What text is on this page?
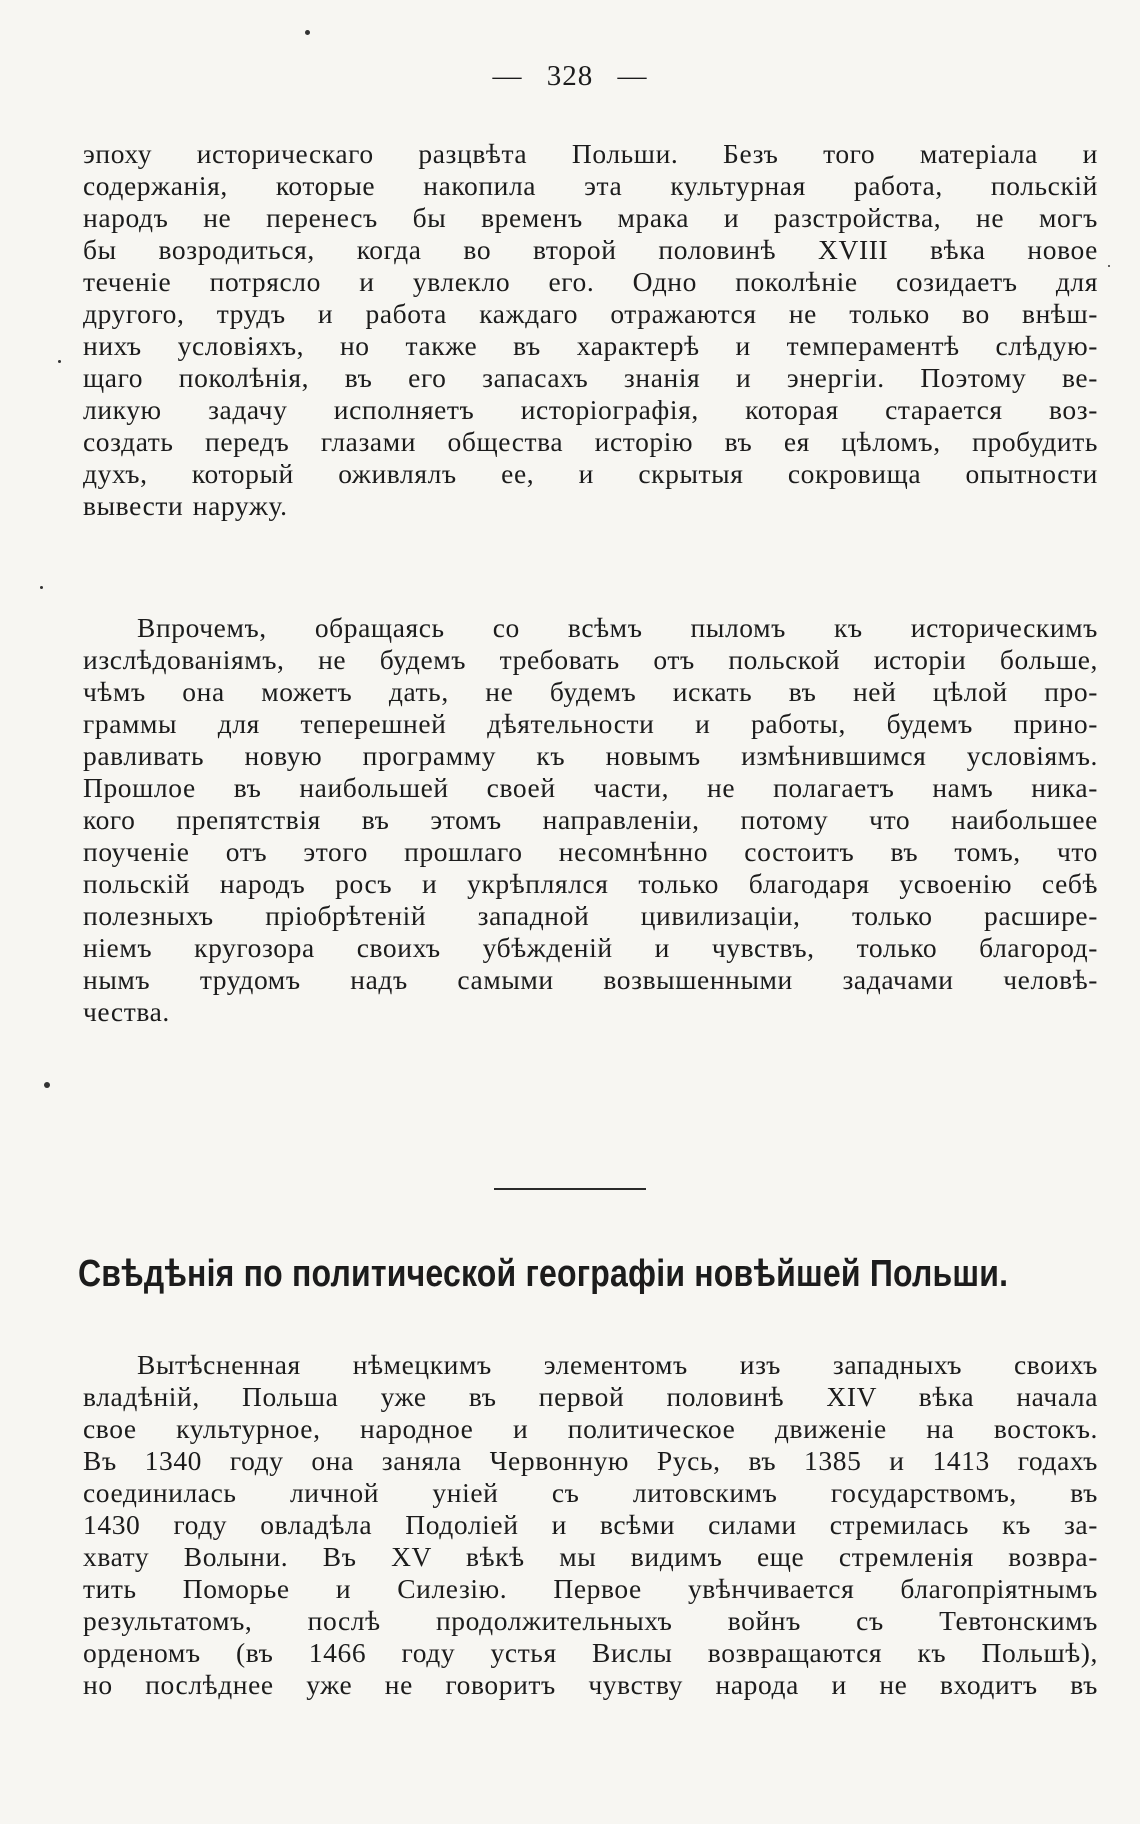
— 328 —
эпоху историческаго разцвѣта Польши. Безъ того матеріала и
содержанія, которые накопила эта культурная работа, польскій
народъ не перенесъ бы временъ мрака и разстройства, не могъ
бы возродиться, когда во второй половинѣ XVIII вѣка новое
теченіе потрясло и увлекло его. Одно поколѣніе созидаетъ для
другого, трудъ и работа каждаго отражаются не только во внѣш-
нихъ условіяхъ, но также въ характерѣ и темпераментѣ слѣдую-
щаго поколѣнія, въ его запасахъ знанія и энергіи. Поэтому ве-
ликую задачу исполняетъ исторіографія, которая старается воз-
создать передъ глазами общества исторію въ ея цѣломъ, пробудить
духъ, который оживлялъ ее, и скрытыя сокровища опытности
вывести наружу.
Впрочемъ, обращаясь со всѣмъ пыломъ къ историческимъ
изслѣдованіямъ, не будемъ требовать отъ польской исторіи больше,
чѣмъ она можетъ дать, не будемъ искать въ ней цѣлой про-
граммы для теперешней дѣятельности и работы, будемъ прино-
равливать новую программу къ новымъ измѣнившимся условіямъ.
Прошлое въ наибольшей своей части, не полагаетъ намъ ника-
кого препятствія въ этомъ направленіи, потому что наибольшее
поученіе отъ этого прошлаго несомнѣнно состоитъ въ томъ, что
польскій народъ росъ и укрѣплялся только благодаря усвоенію себѣ
полезныхъ пріобрѣтеній западной цивилизаціи, только расшире-
ніемъ кругозора своихъ убѣжденій и чувствъ, только благород-
нымъ трудомъ надъ самыми возвышенными задачами человѣ-
чества.
Свѣдѣнія по политической географіи новѣйшей Польши.
Вытѣсненная нѣмецкимъ элементомъ изъ западныхъ своихъ
владѣній, Польша уже въ первой половинѣ XIV вѣка начала
свое культурное, народное и политическое движеніе на востокъ.
Въ 1340 году она заняла Червонную Русь, въ 1385 и 1413 годахъ
соединилась личной уніей съ литовскимъ государствомъ, въ
1430 году овладѣла Подоліей и всѣми силами стремилась къ за-
хвату Волыни. Въ XV вѣкѣ мы видимъ еще стремленія возвра-
тить Поморье и Силезію. Первое увѣнчивается благопріятнымъ
результатомъ, послѣ продолжительныхъ войнъ съ Тевтонскимъ
орденомъ (въ 1466 году устья Вислы возвращаются къ Польшѣ),
но послѣднее уже не говоритъ чувству народа и не входитъ въ
